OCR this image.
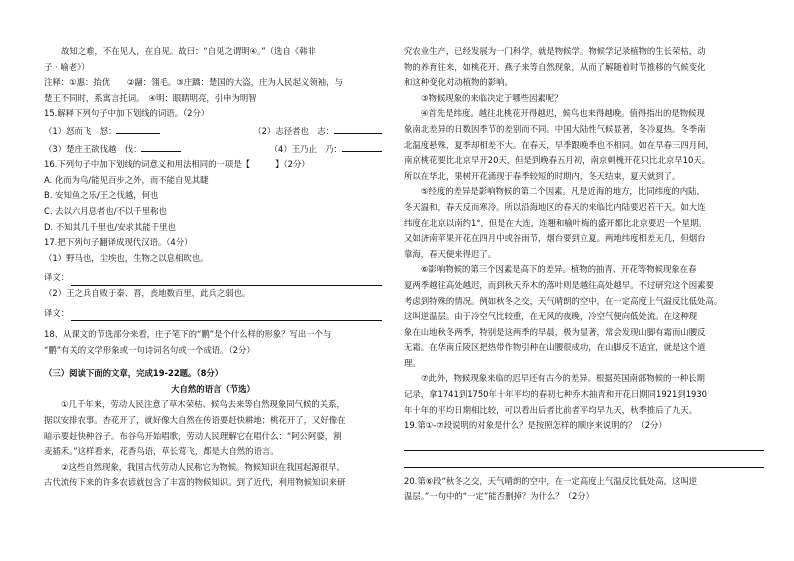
故知之难，不在见人，在自见。故曰：“自见之谓明④。”（选自《韩非

子 · 喻老》）

注释：①惠：抬优　　②翮：翎毛。③庄蹻：楚国的大盗，庄为人民起义领袖，与

楚王不同时，系寓言托词。　④明：眼睛明亮，引申为明智

15.解释下列句子中加下划线的词语。（2分）

（1）怒而飞　 怒：	（2）志径者也　 志：
（3）楚庄王欲伐越　 伐：	（4）王乃止　 乃：

16.下列句子中加下划线的词意义和用法相同的一项是【　　　】（2分）

A. 化而为鸟/能见百步之外，而不能自见其睫

B. 安知鱼之乐/王之伐越，何也

C. 去以六月息者也/不以千里称也

D. 不知其几千里也/安求其能千里也

17.把下列句子翻译成现代汉语。（4分）

（1）野马也，尘埃也，生物之以息相吹也。

译文：

（2）王之兵自败于秦、晋，丧地数百里，此兵之弱也。

译文：

18、从课文的节选部分来看，庄子笔下的“鹏”是个什么样的形象？写出一个与

“鹏”有关的文学形象或一句诗词名句或一个成语。（2分）

（三）阅读下面的文章，完成19-22题。（8分）

大自然的语言（节选）

①几千年来，劳动人民注意了草木荣枯、候鸟去来等自然现象同气候的关系，

据以安排农事。杏花开了，就好像大自然在传语要赶快耕地；桃花开了，又好像在

暗示要赶快种谷子。布谷鸟开始唱歌，劳动人民理解它在唱什么：“阿公阿婆，割

麦插禾。”这样看来，花香鸟语，草长莺飞，都是大自然的语言。

②这些自然现象，我国古代劳动人民称它为物候。物候知识在我国起源很早。

古代流传下来的许多农谚就包含了丰富的物候知识。到了近代，利用物候知识来研

究农业生产，已经发展为一门科学，就是物候学。物候学记录植物的生长荣枯，动

物的养育往来，如桃花开、燕子来等自然现象，从而了解随着时节推移的气候变化

和这种变化对动植物的影响。

③物候现象的来临决定于哪些因素呢？

④首先是纬度。越往北桃花开得越迟，候鸟也来得越晚。值得指出的是物候现

象南北差异的日数因季节的差别而不同。中国大陆性气候显著，冬冷夏热。冬季南

北温度悬殊，夏季却相差不大。在春天，早季跟晚季也不相同。如在早春三四月间，

南京桃花要比北京早开20天，但是到晚春五月初，南京刺槐开花只比北京早10天。

所以在华北，果树开花涌现于春季较短的时期内，冬天结束，夏天就到了。

⑤经度的差异是影响物候的第二个因素。凡是近海的地方，比同纬度的内陆，

冬天温和，春天反而寒冷。所以沿海地区的春天的来临比内陆要迟若干天。如大连

纬度在北京以南约1°，但是在大连，连翘和榆叶梅的盛开都比北京要迟一个星期。

又如济南苹果开花在四月中或谷雨节，烟台要到立夏。两地纬度相差无几，但烟台

靠海，春天便来得迟了。

⑥影响物候的第三个因素是高下的差异。植物的抽青、开花等物候现象在春

夏两季越往高处越迟，而到秋天乔木的落叶则是越往高处越早。不过研究这个因素要

考虑到特殊的情况。例如秋冬之交，天气晴朗的空中，在一定高度上气温反比低处高。

这叫逆温层。由于冷空气比较重，在无风的夜晚，冷空气便向低处流。在这种现

象在山地秋冬两季，特别是这两季的早晨，极为显著，常会发现山脚有霜而山腰反

无霜。在华南丘陵区把热带作物引种在山腰很成功，在山脚反不适宜，就是这个道

理。

⑦此外，物候现象来临的迟早还有古今的差异。根据英国南部物候的一种长期

记录，拿1741到1750年十年平均的春初七种乔木抽青和开花日期同1921到1930

年十年的平均日期相比较，可以看出后者比前者平均早九天，秋季推后了九天。

19.第①-⑦段说明的对象是什么？是按照怎样的顺序来说明的？（2分）

20.第⑥段“秋冬之交，天气晴朗的空中，在一定高度上气温反比低处高，这叫逆

温层。”一句中的“一定”能否删掉？为什么？（2分）
